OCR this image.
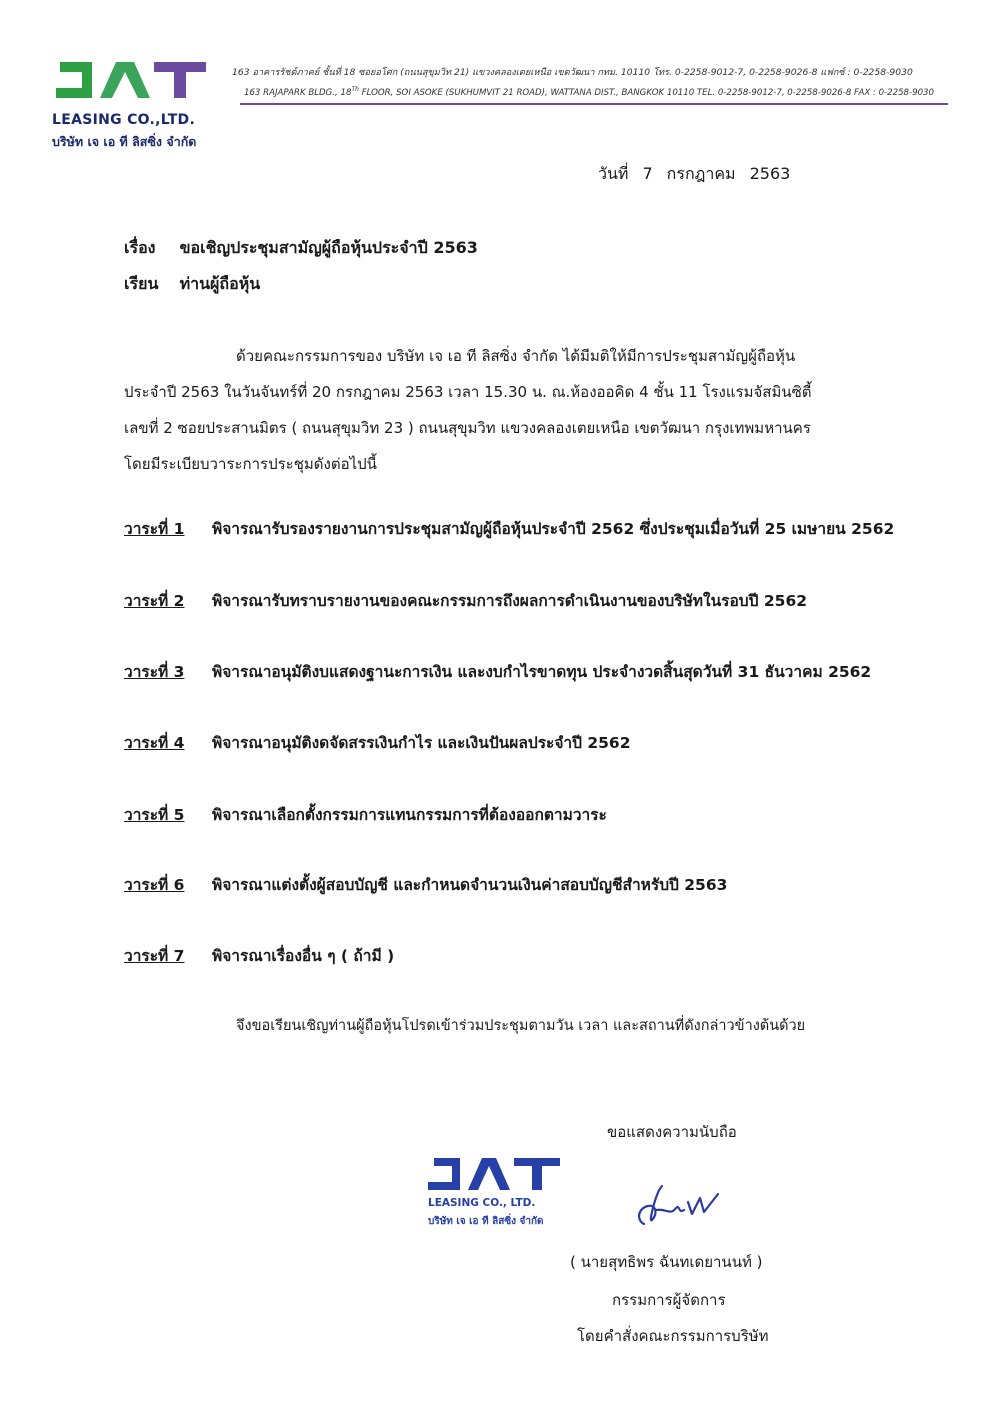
LEASING CO.,LTD.
บริษัท เจ เอ ที ลิสซิ่ง จำกัด
163 อาคารรัชต์ภาคย์ ชั้นที่ 18 ซอยอโศก (ถนนสุขุมวิท 21) แขวงคลองเตยเหนือ เขตวัฒนา กทม. 10110 โทร. 0-2258-9012-7, 0-2258-9026-8 แฟกซ์ : 0-2258-9030
163 RAJAPARK BLDG., 18Th FLOOR, SOI ASOKE (SUKHUMVIT 21 ROAD), WATTANA DIST., BANGKOK 10110 TEL. 0-2258-9012-7, 0-2258-9026-8 FAX : 0-2258-9030
วันที่ 7 กรกฎาคม 2563
เรื่อง ขอเชิญประชุมสามัญผู้ถือหุ้นประจำปี 2563
เรียน ท่านผู้ถือหุ้น
ด้วยคณะกรรมการของ บริษัท เจ เอ ที ลิสซิ่ง จำกัด ได้มีมติให้มีการประชุมสามัญผู้ถือหุ้น
ประจำปี 2563 ในวันจันทร์ที่ 20 กรกฎาคม 2563 เวลา 15.30 น. ณ.ห้องออคิด 4 ชั้น 11 โรงแรมจัสมินซิตี้
เลขที่ 2 ซอยประสานมิตร ( ถนนสุขุมวิท 23 ) ถนนสุขุมวิท แขวงคลองเตยเหนือ เขตวัฒนา กรุงเทพมหานคร
โดยมีระเบียบวาระการประชุมดังต่อไปนี้
วาระที่ 1 พิจารณารับรองรายงานการประชุมสามัญผู้ถือหุ้นประจำปี 2562 ซึ่งประชุมเมื่อวันที่ 25 เมษายน 2562
วาระที่ 2 พิจารณารับทราบรายงานของคณะกรรมการถึงผลการดำเนินงานของบริษัทในรอบปี 2562
วาระที่ 3 พิจารณาอนุมัติงบแสดงฐานะการเงิน และงบกำไรขาดทุน ประจำงวดสิ้นสุดวันที่ 31 ธันวาคม 2562
วาระที่ 4 พิจารณาอนุมัติงดจัดสรรเงินกำไร และเงินปันผลประจำปี 2562
วาระที่ 5 พิจารณาเลือกตั้งกรรมการแทนกรรมการที่ต้องออกตามวาระ
วาระที่ 6 พิจารณาแต่งตั้งผู้สอบบัญชี และกำหนดจำนวนเงินค่าสอบบัญชีสำหรับปี 2563
วาระที่ 7 พิจารณาเรื่องอื่น ๆ ( ถ้ามี )
จึงขอเรียนเชิญท่านผู้ถือหุ้นโปรดเข้าร่วมประชุมตามวัน เวลา และสถานที่ดังกล่าวข้างต้นด้วย
ขอแสดงความนับถือ
LEASING CO., LTD.
บริษัท เจ เอ ที ลิสซิ่ง จำกัด
( นายสุทธิพร ฉันทเดยานนท์ )
กรรมการผู้จัดการ
โดยคำสั่งคณะกรรมการบริษัท
